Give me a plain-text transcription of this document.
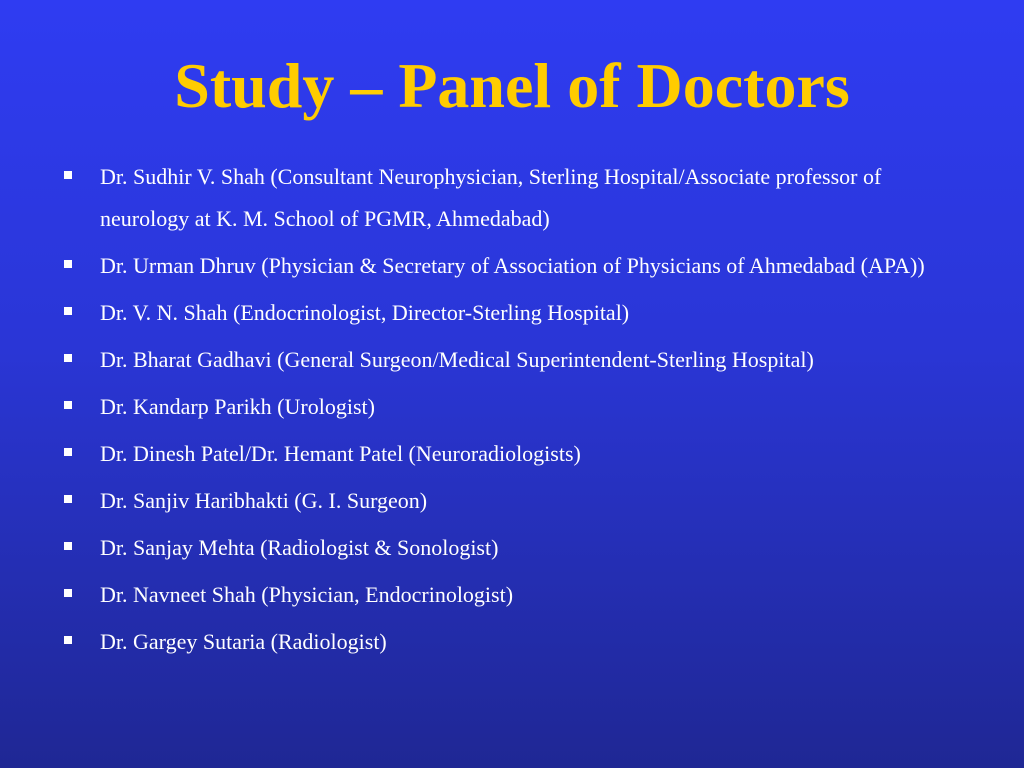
Study – Panel of Doctors
Dr. Sudhir V. Shah (Consultant Neurophysician, Sterling Hospital/Associate professor of neurology at K. M. School of PGMR, Ahmedabad)
Dr. Urman Dhruv (Physician & Secretary of Association of Physicians of Ahmedabad (APA))
Dr. V. N. Shah (Endocrinologist, Director-Sterling Hospital)
Dr. Bharat Gadhavi (General Surgeon/Medical Superintendent-Sterling Hospital)
Dr. Kandarp Parikh (Urologist)
Dr. Dinesh Patel/Dr. Hemant Patel (Neuroradiologists)
Dr. Sanjiv Haribhakti (G. I. Surgeon)
Dr. Sanjay Mehta (Radiologist & Sonologist)
Dr. Navneet Shah (Physician, Endocrinologist)
Dr. Gargey Sutaria (Radiologist)
